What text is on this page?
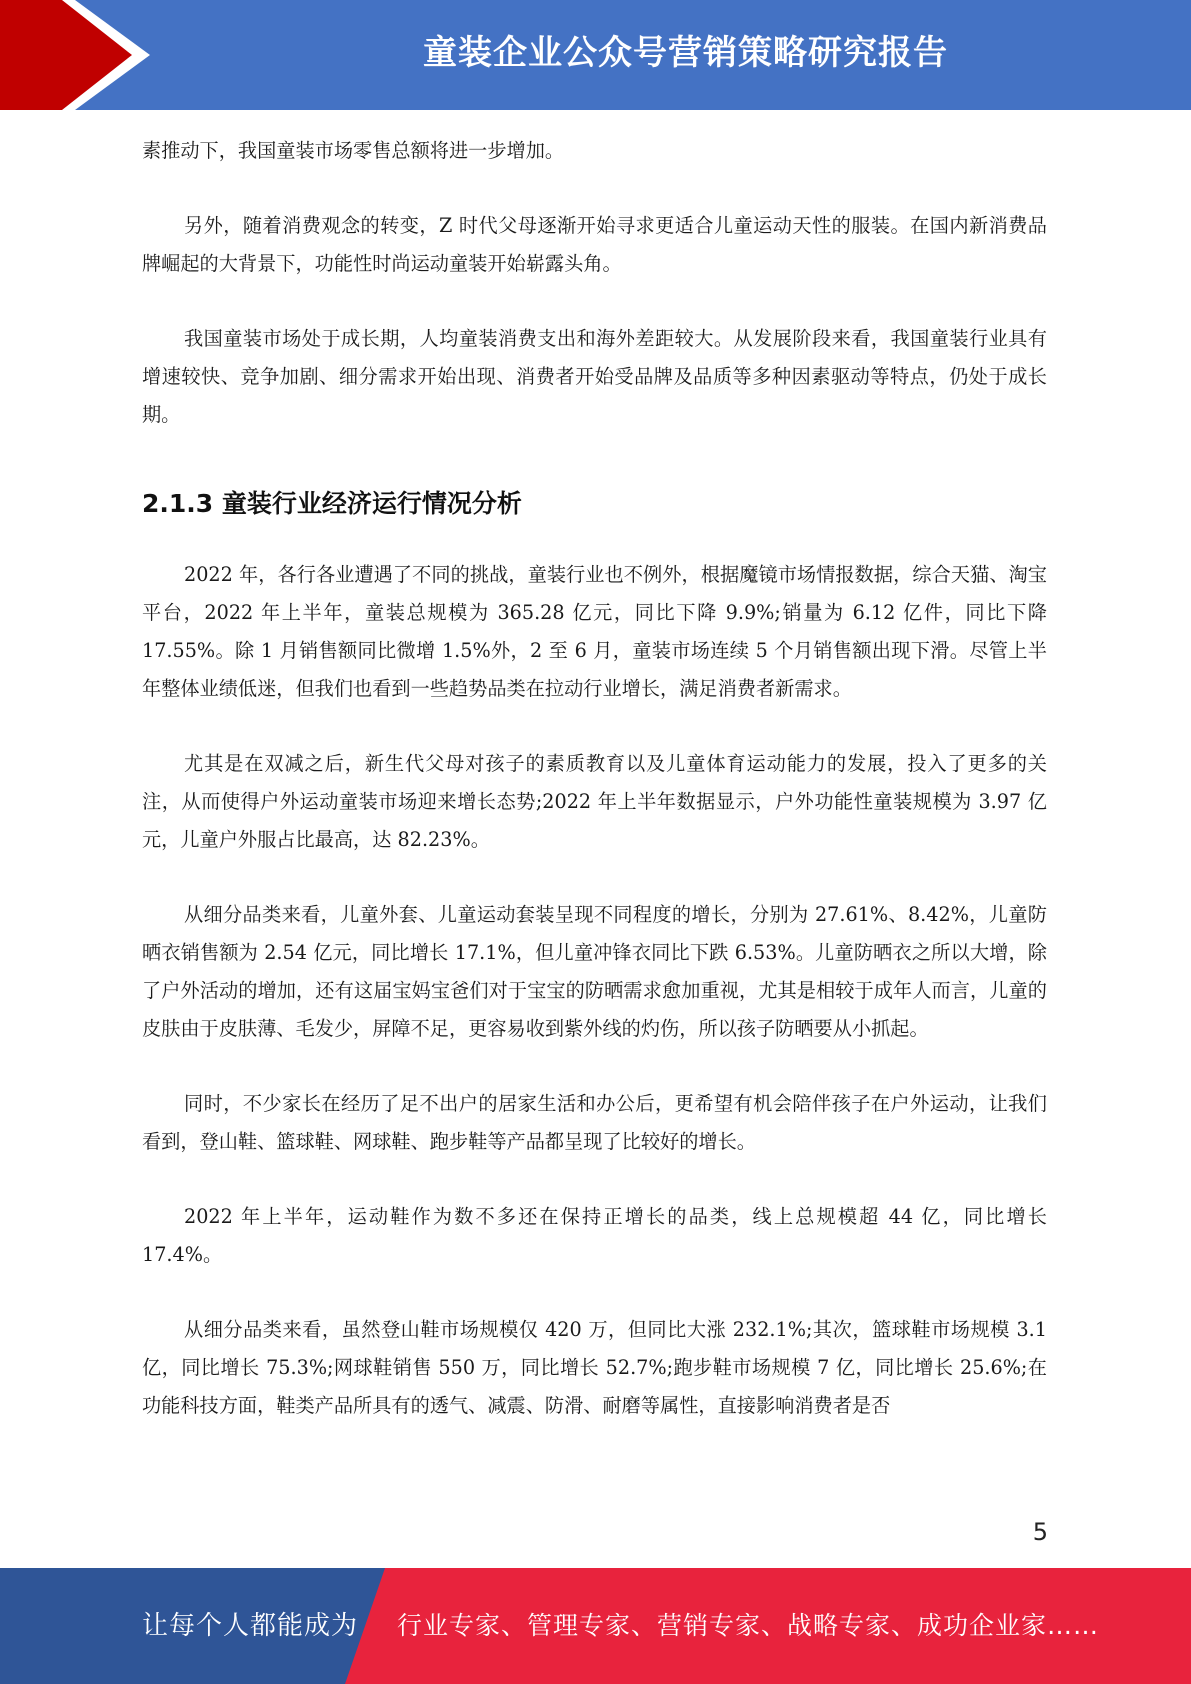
童装企业公众号营销策略研究报告

素推动下，我国童装市场零售总额将进一步增加。

另外，随着消费观念的转变，Z 时代父母逐渐开始寻求更适合儿童运动天性的服装。在国内新消费品牌崛起的大背景下，功能性时尚运动童装开始崭露头角。

我国童装市场处于成长期，人均童装消费支出和海外差距较大。从发展阶段来看，我国童装行业具有增速较快、竞争加剧、细分需求开始出现、消费者开始受品牌及品质等多种因素驱动等特点，仍处于成长期。

2.1.3 童装行业经济运行情况分析

2022 年，各行各业遭遇了不同的挑战，童装行业也不例外，根据魔镜市场情报数据，综合天猫、淘宝平台，2022 年上半年，童装总规模为 365.28 亿元，同比下降 9.9%;销量为 6.12 亿件，同比下降 17.55%。除 1 月销售额同比微增 1.5%外，2 至 6 月，童装市场连续 5 个月销售额出现下滑。尽管上半年整体业绩低迷，但我们也看到一些趋势品类在拉动行业增长，满足消费者新需求。

尤其是在双减之后，新生代父母对孩子的素质教育以及儿童体育运动能力的发展，投入了更多的关注，从而使得户外运动童装市场迎来增长态势;2022 年上半年数据显示，户外功能性童装规模为 3.97 亿元，儿童户外服占比最高，达 82.23%。

从细分品类来看，儿童外套、儿童运动套装呈现不同程度的增长，分别为 27.61%、8.42%，儿童防晒衣销售额为 2.54 亿元，同比增长 17.1%，但儿童冲锋衣同比下跌 6.53%。儿童防晒衣之所以大增，除了户外活动的增加，还有这届宝妈宝爸们对于宝宝的防晒需求愈加重视，尤其是相较于成年人而言，儿童的皮肤由于皮肤薄、毛发少，屏障不足，更容易收到紫外线的灼伤，所以孩子防晒要从小抓起。

同时，不少家长在经历了足不出户的居家生活和办公后，更希望有机会陪伴孩子在户外运动，让我们看到，登山鞋、篮球鞋、网球鞋、跑步鞋等产品都呈现了比较好的增长。

2022 年上半年，运动鞋作为数不多还在保持正增长的品类，线上总规模超 44 亿，同比增长 17.4%。

从细分品类来看，虽然登山鞋市场规模仅 420 万，但同比大涨 232.1%;其次，篮球鞋市场规模 3.1 亿，同比增长 75.3%;网球鞋销售 550 万，同比增长 52.7%;跑步鞋市场规模 7 亿，同比增长 25.6%;在功能科技方面，鞋类产品所具有的透气、减震、防滑、耐磨等属性，直接影响消费者是否

5
让每个人都能成为 行业专家、管理专家、营销专家、战略专家、成功企业家……
